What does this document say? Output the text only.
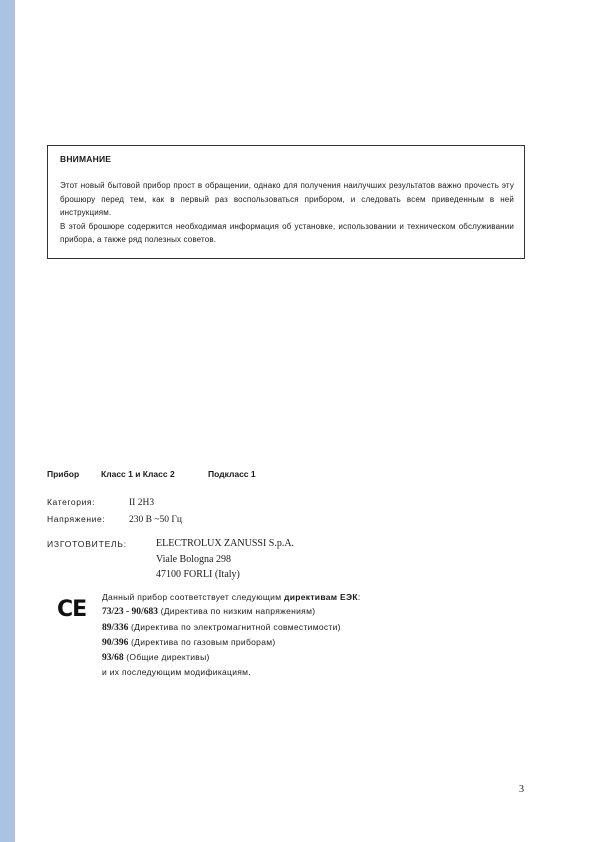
ВНИМАНИЕ

Этот новый бытовой прибор прост в обращении, однако для получения наилучших результатов важно прочесть эту брошюру перед тем, как в первый раз воспользоваться прибором, и следовать всем приведенным в ней инструкциям.

В этой брошюре содержится необходимая информация об установке, использовании и техническом обслуживании прибора, а также ряд полезных советов.

Прибор	Класс 1 и Класс 2	Подкласс 1
Категория:	II 2H3
Напряжение:	230 В ~50 Гц
ИЗГОТОВИТЕЛЬ:	ELECTROLUX ZANUSSI S.p.A.
Viale Bologna 298
47100 FORLI (Italy)
CE Данный прибор соответствует следующим директивам ЕЭК:
73/23 - 90/683 (Директива по низким напряжениям)
89/336 (Директива по электромагнитной совместимости)
90/396 (Директива по газовым приборам)
93/68 (Общие директивы)
и их последующим модификациям.
3
